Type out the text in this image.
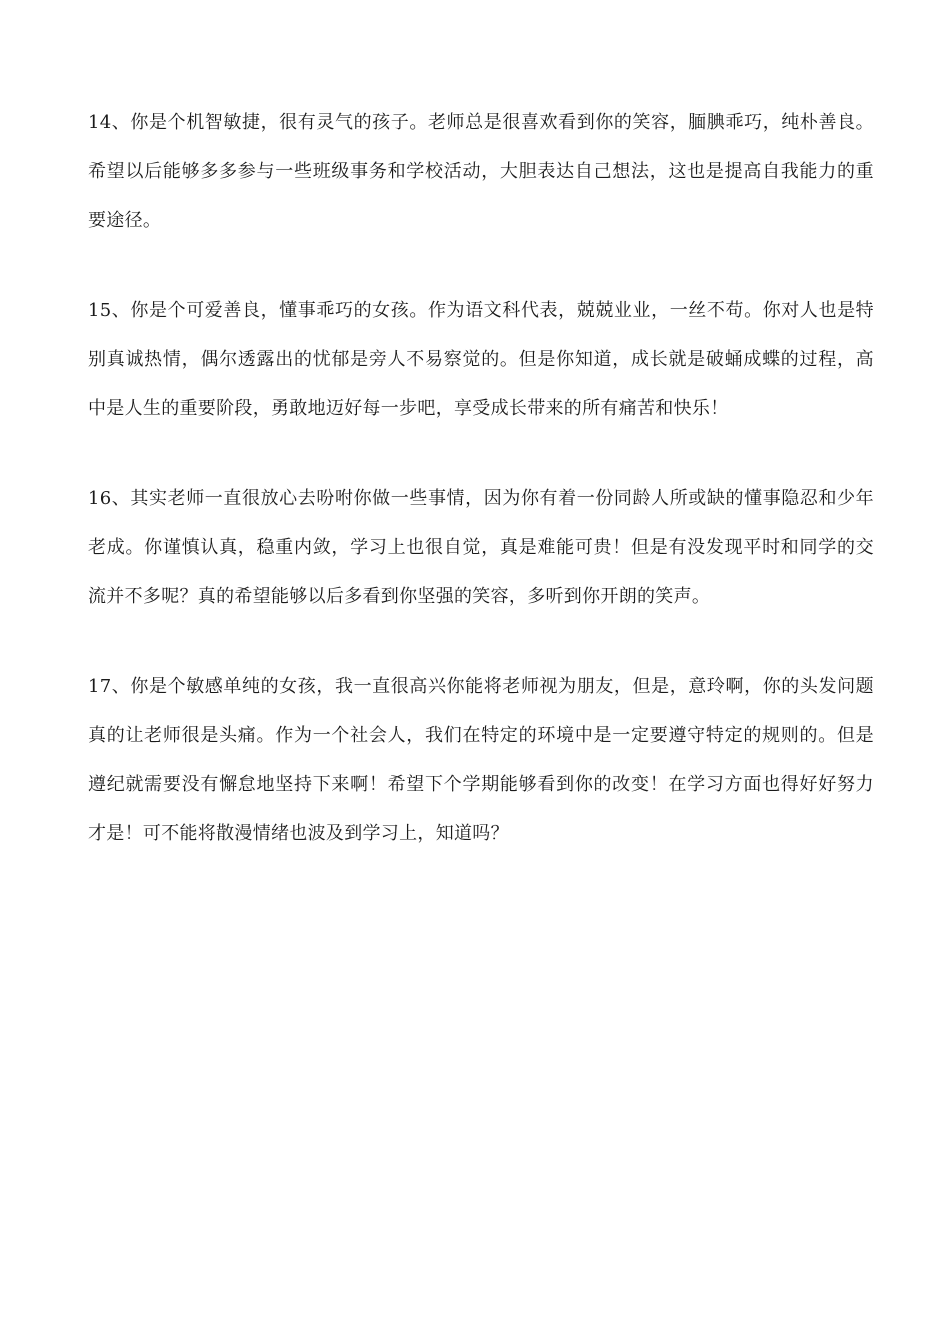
14、你是个机智敏捷，很有灵气的孩子。老师总是很喜欢看到你的笑容，腼腆乖巧，纯朴善良。希望以后能够多多参与一些班级事务和学校活动，大胆表达自己想法，这也是提高自我能力的重要途径。

15、你是个可爱善良，懂事乖巧的女孩。作为语文科代表，兢兢业业，一丝不苟。你对人也是特别真诚热情，偶尔透露出的忧郁是旁人不易察觉的。但是你知道，成长就是破蛹成蝶的过程，高中是人生的重要阶段，勇敢地迈好每一步吧，享受成长带来的所有痛苦和快乐！

16、其实老师一直很放心去吩咐你做一些事情，因为你有着一份同龄人所或缺的懂事隐忍和少年老成。你谨慎认真，稳重内敛，学习上也很自觉，真是难能可贵！但是有没发现平时和同学的交流并不多呢？真的希望能够以后多看到你坚强的笑容，多听到你开朗的笑声。

17、你是个敏感单纯的女孩，我一直很高兴你能将老师视为朋友，但是，意玲啊，你的头发问题真的让老师很是头痛。作为一个社会人，我们在特定的环境中是一定要遵守特定的规则的。但是遵纪就需要没有懈怠地坚持下来啊！希望下个学期能够看到你的改变！在学习方面也得好好努力才是！可不能将散漫情绪也波及到学习上，知道吗？
